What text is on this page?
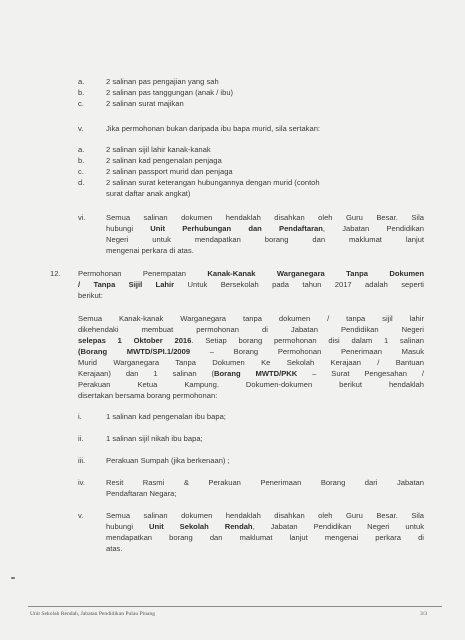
a.	2 salinan pas pengajian yang sah
b.	2 salinan pas tanggungan (anak / ibu)
c.	2 salinan surat majikan
v.	Jika permohonan bukan daripada ibu bapa murid, sila sertakan:
a.	2 salinan sijil lahir kanak-kanak
b.	2 salinan kad pengenalan penjaga
c.	2 salinan passport murid dan penjaga
d.	2 salinan surat keterangan hubungannya dengan murid (contoh
surat daftar anak angkat)
vi.	Semua salinan dokumen hendaklah disahkan oleh Guru Besar. Sila
hubungi Unit Perhubungan dan Pendaftaran, Jabatan Pendidikan
Negeri untuk mendapatkan borang dan maklumat lanjut
mengenai perkara di atas.
12. Permohonan Penempatan Kanak-Kanak Warganegara Tanpa Dokumen
/ Tanpa Sijil Lahir Untuk Bersekolah pada tahun 2017 adalah seperti
berikut:
Semua Kanak-kanak Warganegara tanpa dokumen / tanpa sijil lahir
dikehendaki membuat permohonan di Jabatan Pendidikan Negeri
selepas 1 Oktober 2016. Setiap borang permohonan disi dalam 1 salinan
(Borang MWTD/SPI.1/2009 – Borang Permohonan Penerimaan Masuk
Murid Warganegara Tanpa Dokumen Ke Sekolah Kerajaan / Bantuan
Kerajaan) dan 1 salinan (Borang MWTD/PKK – Surat Pengesahan /
Perakuan Ketua Kampung. Dokumen-dokumen berikut hendaklah
disertakan bersama borang permohonan:
i.	1 salinan kad pengenalan ibu bapa;
ii.	1 salinan sijil nikah ibu bapa;
iii.	Perakuan Sumpah (jika berkenaan) ;
iv.	Resit Rasmi & Perakuan Penerimaan Borang dari Jabatan
Pendaftaran Negara;
v.	Semua salinan dokumen hendaklah disahkan oleh Guru Besar. Sila
hubungi Unit Sekolah Rendah, Jabatan Pendidikan Negeri untuk
mendapatkan borang dan maklumat lanjut mengenai perkara di
atas.
Unit Sekolah Rendah, Jabatan Pendidikan Pulau Pinang	3/3
